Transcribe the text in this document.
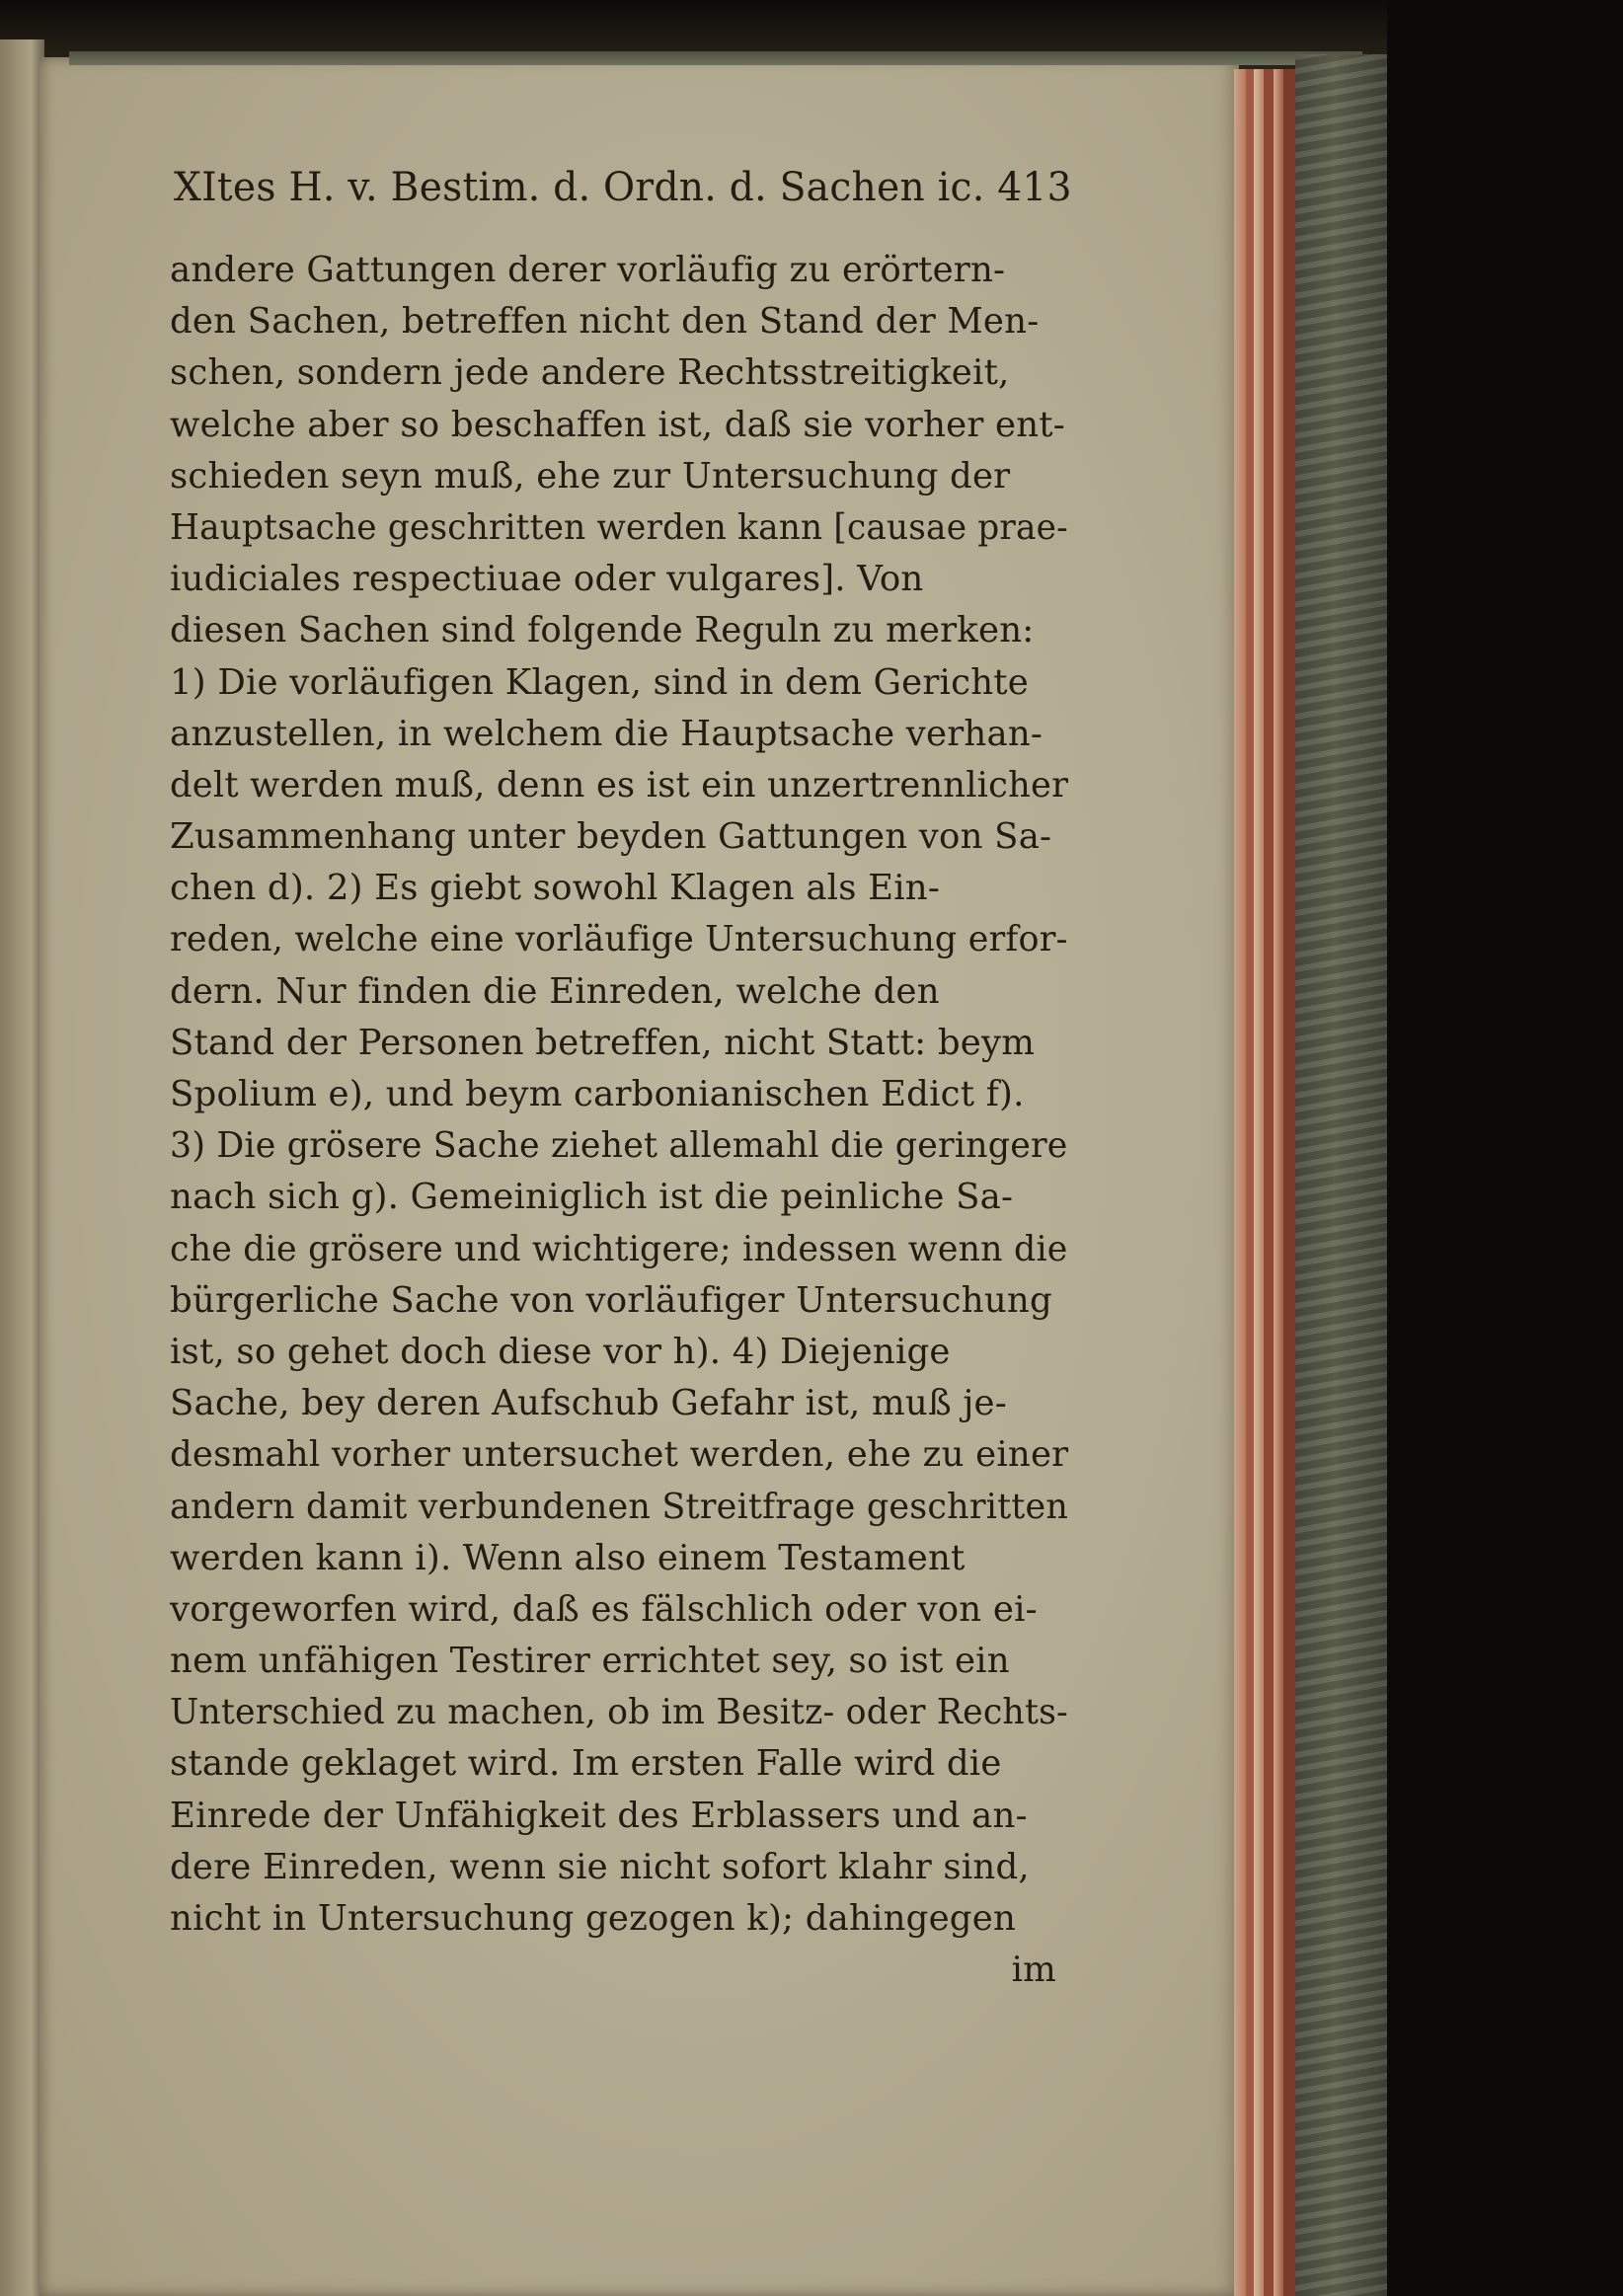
XItes H. v. Bestim. d. Ordn. d. Sachen ic. 413
andere Gattungen derer vorläufig zu erörtern-
den Sachen, betreffen nicht den Stand der Men-
schen, sondern jede andere Rechtsstreitigkeit,
welche aber so beschaffen ist, daß sie vorher ent-
schieden seyn muß, ehe zur Untersuchung der
Hauptsache geschritten werden kann [causae prae-
iudiciales respectiuae oder vulgares]. Von
diesen Sachen sind folgende Reguln zu merken:
1) Die vorläufigen Klagen, sind in dem Gerichte
anzustellen, in welchem die Hauptsache verhan-
delt werden muß, denn es ist ein unzertrennlicher
Zusammenhang unter beyden Gattungen von Sa-
chen d). 2) Es giebt sowohl Klagen als Ein-
reden, welche eine vorläufige Untersuchung erfor-
dern. Nur finden die Einreden, welche den
Stand der Personen betreffen, nicht Statt: beym
Spolium e), und beym carbonianischen Edict f).
3) Die grösere Sache ziehet allemahl die geringere
nach sich g). Gemeiniglich ist die peinliche Sa-
che die grösere und wichtigere; indessen wenn die
bürgerliche Sache von vorläufiger Untersuchung
ist, so gehet doch diese vor h). 4) Diejenige
Sache, bey deren Aufschub Gefahr ist, muß je-
desmahl vorher untersuchet werden, ehe zu einer
andern damit verbundenen Streitfrage geschritten
werden kann i). Wenn also einem Testament
vorgeworfen wird, daß es fälschlich oder von ei-
nem unfähigen Testirer errichtet sey, so ist ein
Unterschied zu machen, ob im Besitz- oder Rechts-
stande geklaget wird. Im ersten Falle wird die
Einrede der Unfähigkeit des Erblassers und an-
dere Einreden, wenn sie nicht sofort klahr sind,
nicht in Untersuchung gezogen k); dahingegen
im
